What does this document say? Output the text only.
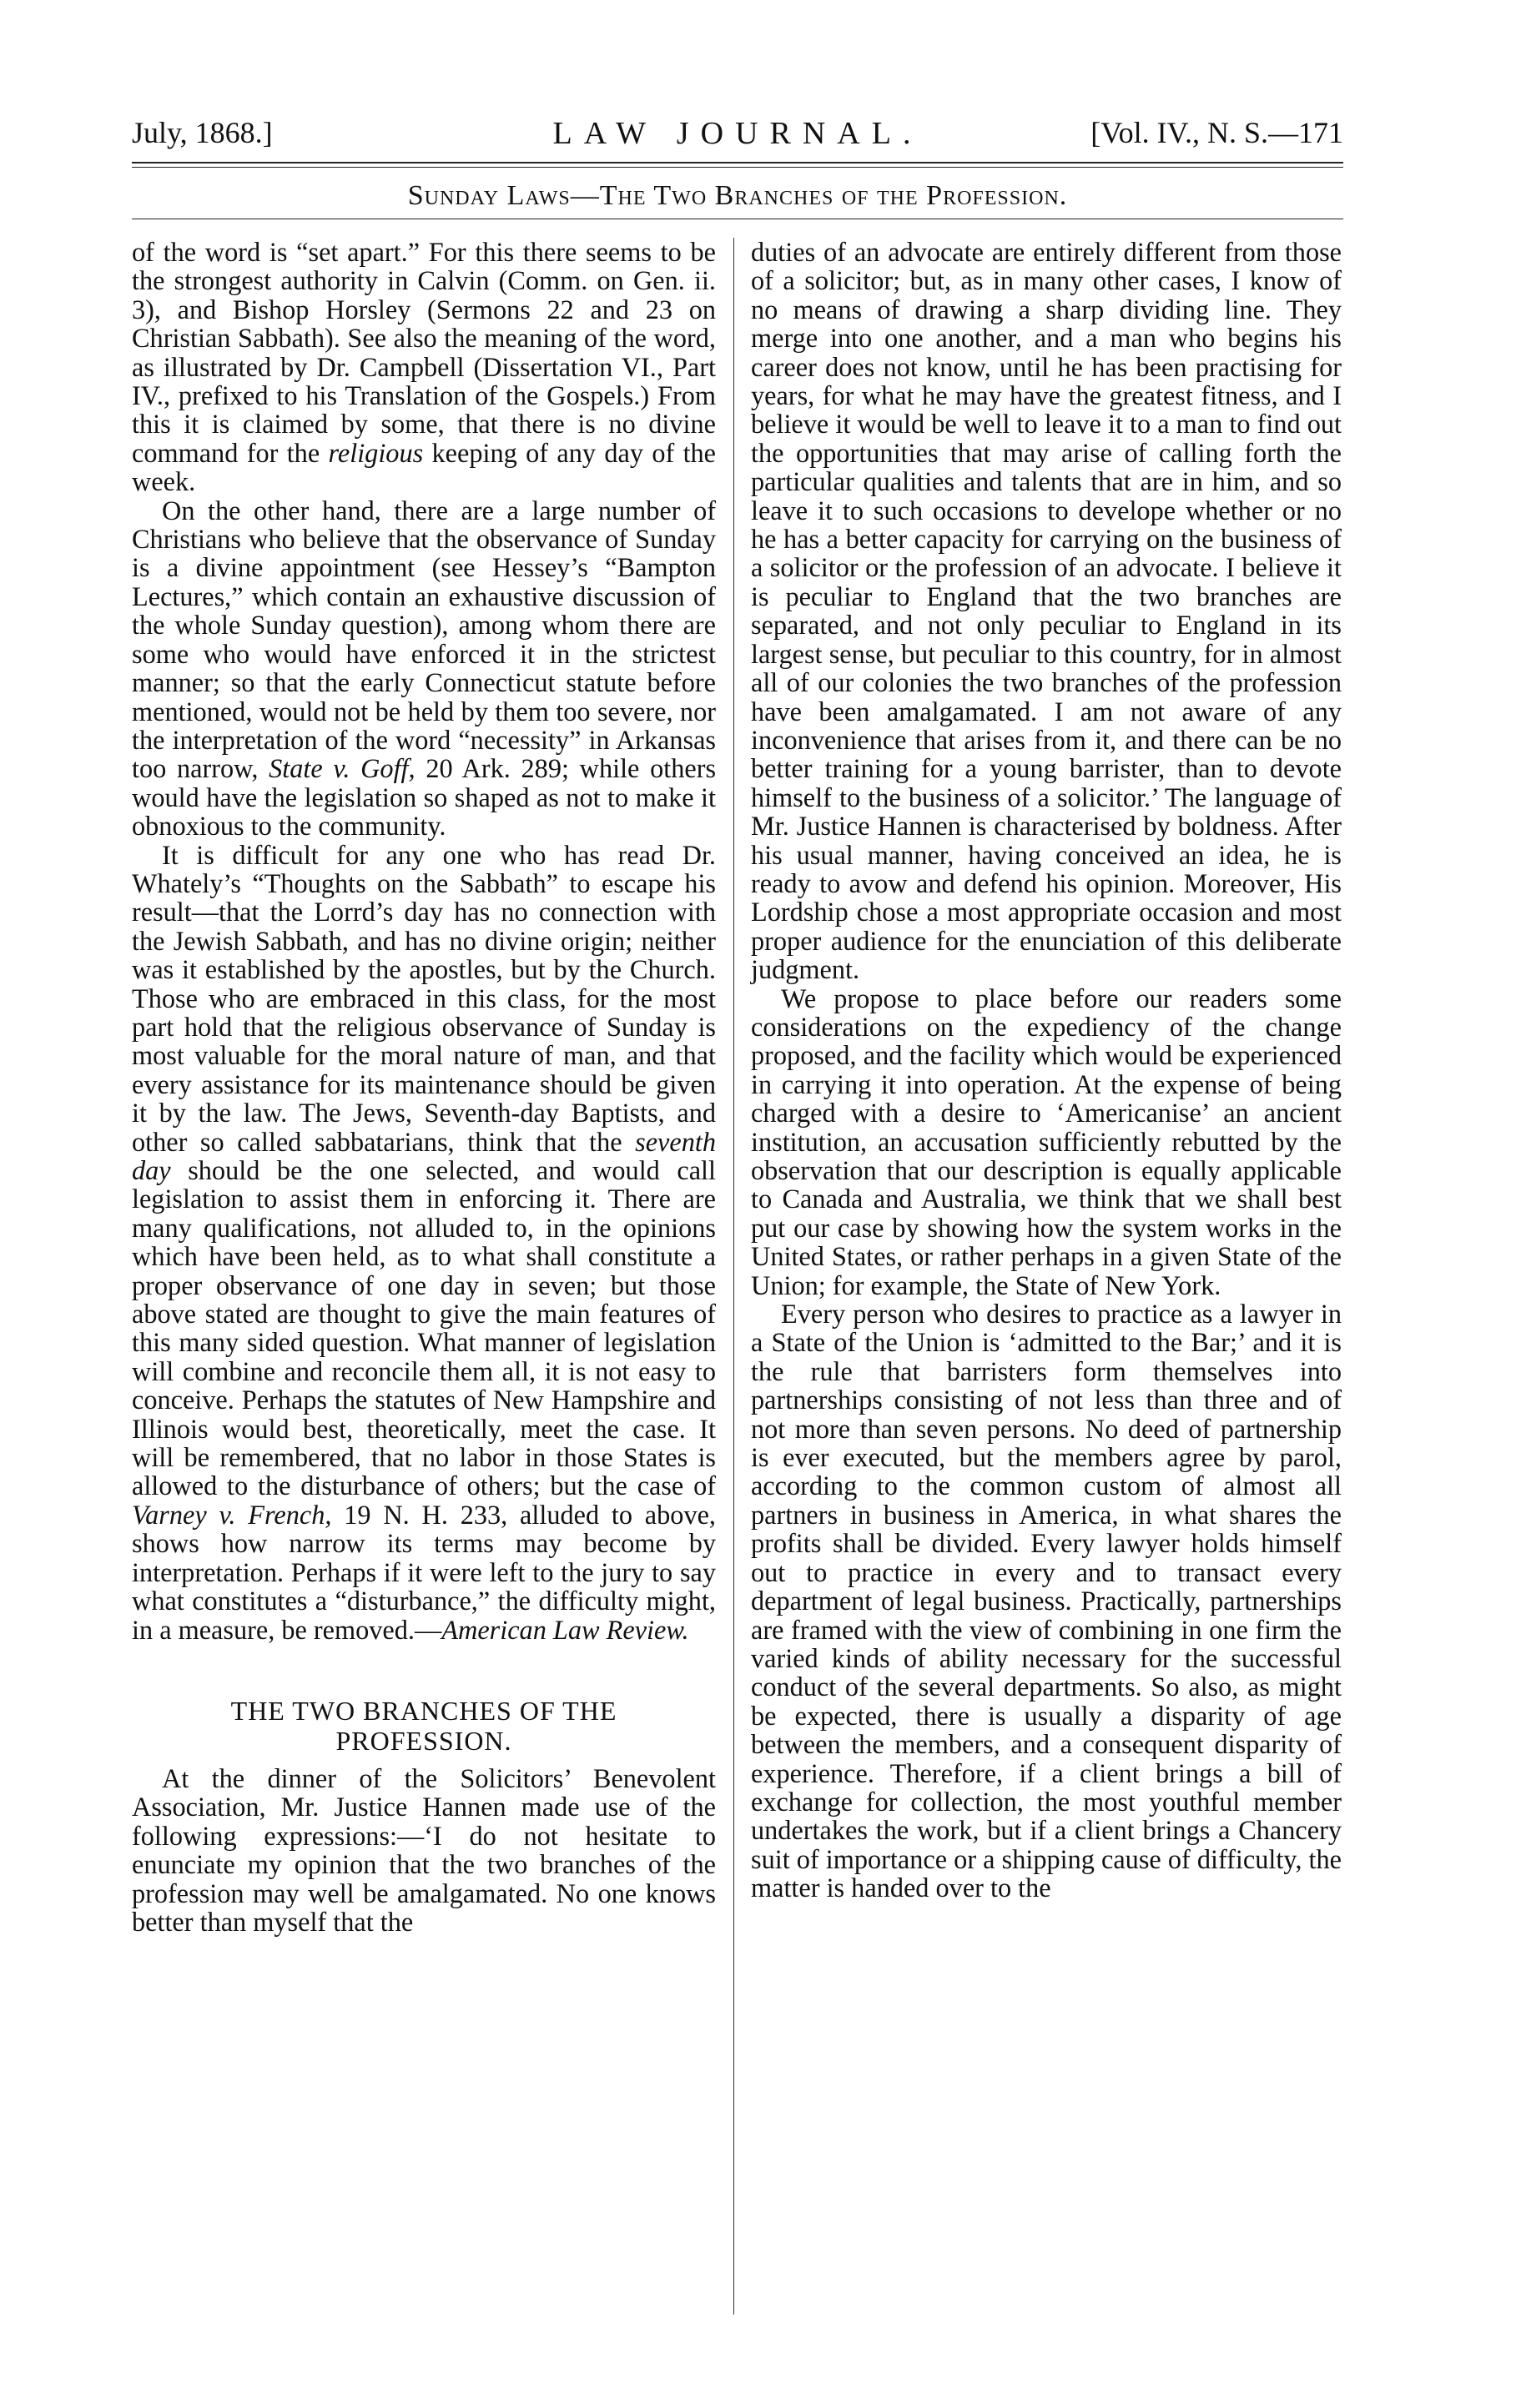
July, 1868.]	LAW JOURNAL.	[Vol. IV., N. S.—171
Sunday Laws—The Two Branches of the Profession.

of the word is “set apart.” For this there seems to be the strongest authority in Calvin (Comm. on Gen. ii. 3), and Bishop Horsley (Sermons 22 and 23 on Christian Sabbath). See also the meaning of the word, as illustrated by Dr. Campbell (Dissertation VI., Part IV., prefixed to his Translation of the Gospels.) From this it is claimed by some, that there is no divine command for the religious keeping of any day of the week.

On the other hand, there are a large number of Christians who believe that the observance of Sunday is a divine appointment (see Hessey’s “Bampton Lectures,” which contain an exhaustive discussion of the whole Sunday question), among whom there are some who would have enforced it in the strictest manner; so that the early Connecticut statute before mentioned, would not be held by them too severe, nor the interpretation of the word “necessity” in Arkansas too narrow, State v. Goff, 20 Ark. 289; while others would have the legislation so shaped as not to make it obnoxious to the community.

It is difficult for any one who has read Dr. Whately’s “Thoughts on the Sabbath” to escape his result—that the Lorrd’s day has no connection with the Jewish Sabbath, and has no divine origin; neither was it established by the apostles, but by the Church. Those who are embraced in this class, for the most part hold that the religious observance of Sunday is most valuable for the moral nature of man, and that every assistance for its maintenance should be given it by the law. The Jews, Seventh-day Baptists, and other so called sabbatarians, think that the seventh day should be the one selected, and would call legislation to assist them in enforcing it. There are many qualifications, not alluded to, in the opinions which have been held, as to what shall constitute a proper observance of one day in seven; but those above stated are thought to give the main features of this many sided question. What manner of legislation will combine and reconcile them all, it is not easy to conceive. Perhaps the statutes of New Hampshire and Illinois would best, theoretically, meet the case. It will be remembered, that no labor in those States is allowed to the disturbance of others; but the case of Varney v. French, 19 N. H. 233, alluded to above, shows how narrow its terms may become by interpretation. Perhaps if it were left to the jury to say what constitutes a “disturbance,” the difficulty might, in a measure, be removed.—American Law Review.

THE TWO BRANCHES OF THE PROFESSION.

At the dinner of the Solicitors’ Benevolent Association, Mr. Justice Hannen made use of the following expressions:—‘I do not hesitate to enunciate my opinion that the two branches of the profession may well be amalgamated. No one knows better than myself that the

duties of an advocate are entirely different from those of a solicitor; but, as in many other cases, I know of no means of drawing a sharp dividing line. They merge into one another, and a man who begins his career does not know, until he has been practising for years, for what he may have the greatest fitness, and I believe it would be well to leave it to a man to find out the opportunities that may arise of calling forth the particular qualities and talents that are in him, and so leave it to such occasions to develope whether or no he has a better capacity for carrying on the business of a solicitor or the profession of an advocate. I believe it is peculiar to England that the two branches are separated, and not only peculiar to England in its largest sense, but peculiar to this country, for in almost all of our colonies the two branches of the profession have been amalgamated. I am not aware of any inconvenience that arises from it, and there can be no better training for a young barrister, than to devote himself to the business of a solicitor.’ The language of Mr. Justice Hannen is characterised by boldness. After his usual manner, having conceived an idea, he is ready to avow and defend his opinion. Moreover, His Lordship chose a most appropriate occasion and most proper audience for the enunciation of this deliberate judgment.

We propose to place before our readers some considerations on the expediency of the change proposed, and the facility which would be experienced in carrying it into operation. At the expense of being charged with a desire to ‘Americanise’ an ancient institution, an accusation sufficiently rebutted by the observation that our description is equally applicable to Canada and Australia, we think that we shall best put our case by showing how the system works in the United States, or rather perhaps in a given State of the Union; for example, the State of New York.

Every person who desires to practice as a lawyer in a State of the Union is ‘admitted to the Bar;’ and it is the rule that barristers form themselves into partnerships consisting of not less than three and of not more than seven persons. No deed of partnership is ever executed, but the members agree by parol, according to the common custom of almost all partners in business in America, in what shares the profits shall be divided. Every lawyer holds himself out to practice in every and to transact every department of legal business. Practically, partnerships are framed with the view of combining in one firm the varied kinds of ability necessary for the successful conduct of the several departments. So also, as might be expected, there is usually a disparity of age between the members, and a consequent disparity of experience. Therefore, if a client brings a bill of exchange for collection, the most youthful member undertakes the work, but if a client brings a Chancery suit of importance or a shipping cause of difficulty, the matter is handed over to the
